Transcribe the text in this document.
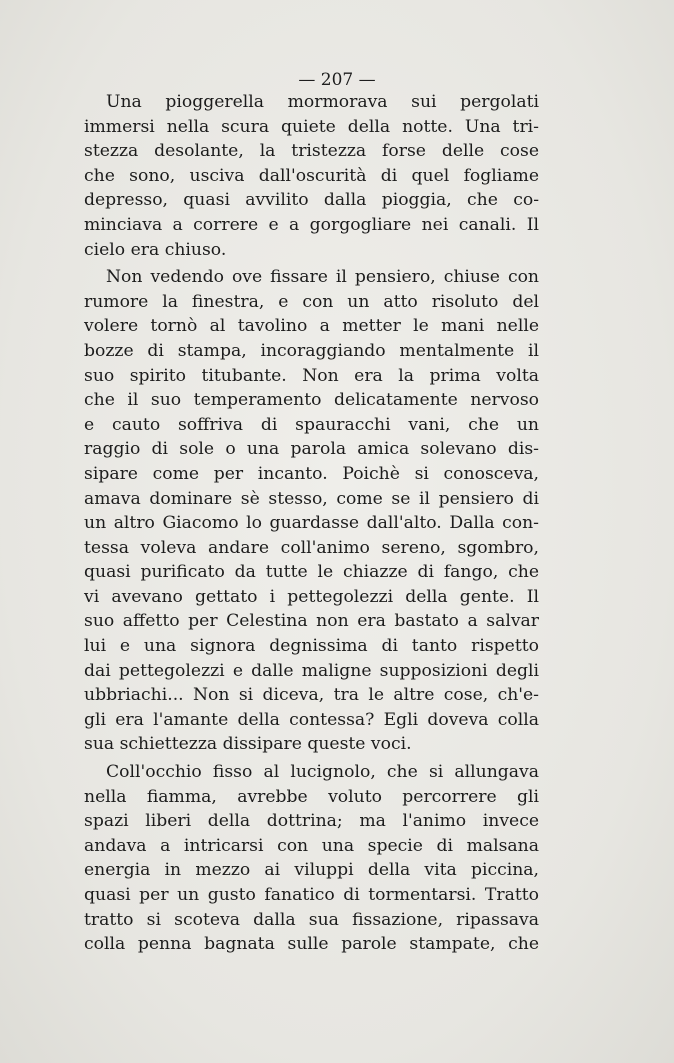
— 207 —

Una pioggerella mormorava sui pergolati
immersi nella scura quiete della notte. Una tri-
stezza desolante, la tristezza forse delle cose
che sono, usciva dall'oscurità di quel fogliame
depresso, quasi avvilito dalla pioggia, che co-
minciava a correre e a gorgogliare nei canali. Il
cielo era chiuso.
Non vedendo ove fissare il pensiero, chiuse con
rumore la finestra, e con un atto risoluto del
volere tornò al tavolino a metter le mani nelle
bozze di stampa, incoraggiando mentalmente il
suo spirito titubante. Non era la prima volta
che il suo temperamento delicatamente nervoso
e cauto soffriva di spauracchi vani, che un
raggio di sole o una parola amica solevano dis-
sipare come per incanto. Poichè si conosceva,
amava dominare sè stesso, come se il pensiero di
un altro Giacomo lo guardasse dall'alto. Dalla con-
tessa voleva andare coll'animo sereno, sgombro,
quasi purificato da tutte le chiazze di fango, che
vi avevano gettato i pettegolezzi della gente. Il
suo affetto per Celestina non era bastato a salvar
lui e una signora degnissima di tanto rispetto
dai pettegolezzi e dalle maligne supposizioni degli
ubbriachi... Non si diceva, tra le altre cose, ch'e-
gli era l'amante della contessa? Egli doveva colla
sua schiettezza dissipare queste voci.
Coll'occhio fisso al lucignolo, che si allungava
nella fiamma, avrebbe voluto percorrere gli
spazi liberi della dottrina; ma l'animo invece
andava a intricarsi con una specie di malsana
energia in mezzo ai viluppi della vita piccina,
quasi per un gusto fanatico di tormentarsi. Tratto
tratto si scoteva dalla sua fissazione, ripassava
colla penna bagnata sulle parole stampate, che
